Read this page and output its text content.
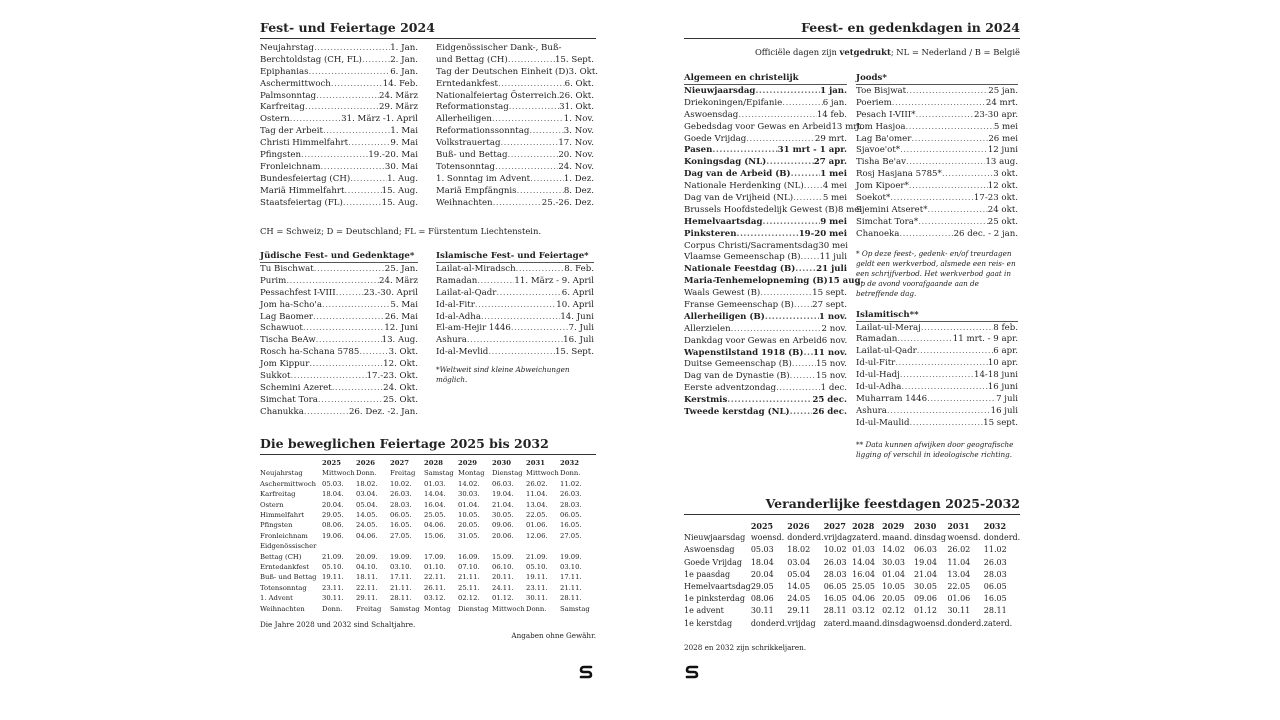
Fest- und Feiertage 2024
Neujahrstag .....	1. Jan.
Berchtoldstag (CH, FL) .....	2. Jan.
Epiphanias .....	6. Jan.
Aschermittwoch .....	14. Feb.
Palmsonntag .....	24. März
Karfreitag .....	29. März
Ostern .....	31. März -1. April
Tag der Arbeit .....	1. Mai
Christi Himmelfahrt .....	9. Mai
Pfingsten .....	19.-20. Mai
Fronleichnam .....	30. Mai
Bundesfeiertag (CH) .....	1. Aug.
Mariä Himmelfahrt .....	15. Aug.
Staatsfeiertag (FL) .....	15. Aug.
Eidgenössischer Dank-, Buß-
und Bettag (CH) .....	15. Sept.
Tag der Deutschen Einheit (D) 3. Okt.
Erntedankfest .....	6. Okt.
Nationalfeiertag Österreich ..... 26. Okt.
Reformationstag .....	31. Okt.
Allerheiligen .....	1. Nov.
Reformationssonntag .....	3. Nov.
Volkstrauertag .....	17. Nov.
Buß- und Bettag .....	20. Nov.
Totensonntag .....	24. Nov.
1. Sonntag im Advent .....	1. Dez.
Mariä Empfängnis .....	8. Dez.
Weihnachten .....	25.-26. Dez.
CH = Schweiz; D = Deutschland; FL = Fürstentum Liechtenstein.
Jüdische Fest- und Gedenktage*
Tu Bischwat .....	25. Jan.
Purim .....	24. März
Pessachfest I-VIII .....	23.-30. April
Jom ha-Scho'a .....	5. Mai
Lag Baomer .....	26. Mai
Schawuot .....	12. Juni
Tischa BeAw .....	13. Aug.
Rosch ha-Schana 5785 .....	3. Okt.
Jom Kippur .....	12. Okt.
Sukkot .....	17.-23. Okt.
Schemini Azeret .....	24. Okt.
Simchat Tora .....	25. Okt.
Chanukka .....	26. Dez. -2. Jan.
Islamische Fest- und Feiertage*
Lailat-al-Miradsch .....	8. Feb.
Ramadan .....	11. März - 9. April
Lailat-al-Qadr .....	6. April
Id-al-Fitr .....	10. April
Id-al-Adha .....	14. Juni
El-am-Hejir 1446 .....	7. Juli
Ashura .....	16. Juli
Id-al-Mevlid .....	15. Sept.
*Weltweit sind kleine Abweichungen möglich.
Die beweglichen Feiertage 2025 bis 2032
	2025	2026	2027	2028	2029	2030	2031	2032
Neujahrstag	Mittwoch	Donn.	Freitag	Samstag	Montag	Dienstag	Mittwoch	Donn.
Aschermittwoch	05.03.	18.02.	10.02.	01.03.	14.02.	06.03.	26.02.	11.02.
Karfreitag	18.04.	03.04.	26.03.	14.04.	30.03.	19.04.	11.04.	26.03.
Ostern	20.04.	05.04.	28.03.	16.04.	01.04.	21.04.	13.04.	28.03.
Himmelfahrt	29.05.	14.05.	06.05.	25.05.	10.05.	30.05.	22.05.	06.05.
Pfingsten	08.06.	24.05.	16.05.	04.06.	20.05.	09.06.	01.06.	16.05.
Fronleichnam	19.06.	04.06.	27.05.	15.06.	31.05.	20.06.	12.06.	27.05.
Eidgenössischer								
Bettag (CH)	21.09.	20.09.	19.09.	17.09.	16.09.	15.09.	21.09.	19.09.
Erntedankfest	05.10.	04.10.	03.10.	01.10.	07.10.	06.10.	05.10.	03.10.
Buß- und Bettag	19.11.	18.11.	17.11.	22.11.	21.11.	20.11.	19.11.	17.11.
Totensonntag	23.11.	22.11.	21.11.	26.11.	25.11.	24.11.	23.11.	21.11.
1. Advent	30.11.	29.11.	28.11.	03.12.	02.12.	01.12.	30.11.	28.11.
Weihnachten	Donn.	Freitag	Samstag	Montag	Dienstag	Mittwoch	Donn.	Samstag
Die Jahre 2028 und 2032 sind Schaltjahre.
Angaben ohne Gewähr.
Feest- en gedenkdagen in 2024
Officiële dagen zijn vetgedrukt; NL = Nederland / B = België
Algemeen en christelijk
Nieuwjaarsdag .....	1 jan.
Driekoningen/Epifanie .....	6 jan.
Aswoensdag .....	14 feb.
Gebedsdag voor Gewas en Arbeid 13 mrt.
Goede Vrijdag .....	29 mrt.
Pasen .....	31 mrt - 1 apr.
Koningsdag (NL) .....	27 apr.
Dag van de Arbeid (B) .....	1 mei
Nationale Herdenking (NL) ..... 4 mei
Dag van de Vrijheid (NL) .....	5 mei
Brussels Hoofdstedelijk Gewest (B) 8 mei
Hemelvaartsdag .....	9 mei
Pinksteren .....	19-20 mei
Corpus Christi/Sacramentsdag 30 mei
Vlaamse Gemeenschap (B) ..... 11 juli
Nationale Feestdag (B) ..... 21 juli
Maria-Tenhemelopneming (B) 15 aug.
Waals Gewest (B) .....	15 sept.
Franse Gemeenschap (B) ..... 27 sept.
Allerheiligen (B) .....	1 nov.
Allerzielen .....	2 nov.
Dankdag voor Gewas en Arbeid 6 nov.
Wapenstilstand 1918 (B) ..... 11 nov.
Duitse Gemeenschap (B) .....	15 nov.
Dag van de Dynastie (B) .....	15 nov.
Eerste adventzondag .....	1 dec.
Kerstmis .....	25 dec.
Tweede kerstdag (NL) .....	26 dec.
Joods*
Toe Bisjwat .....	25 jan.
Poeriem .....	24 mrt.
Pesach I-VIII* .....	23-30 apr.
Jom Hasjoa .....	5 mei
Lag Ba'omer .....	26 mei
Sjavoe'ot* .....	12 juni
Tisha Be'av .....	13 aug.
Rosj Hasjana 5785* .....	3 okt.
Jom Kipoer* .....	12 okt.
Soekot* .....	17-23 okt.
Sjemini Atseret* .....	24 okt.
Simchat Tora* .....	25 okt.
Chanoeka .....	26 dec. - 2 jan.
* Op deze feest-, gedenk- en/of treurdagen geldt een werkverbod, alsmede een reis- en een schrijfverbod. Het werkverbod gaat in op de avond voorafgaande aan de betreffende dag.
Islamitisch**
Lailat-ul-Meraj .....	8 feb.
Ramadan .....	11 mrt. - 9 apr.
Lailat-ul-Qadr .....	6 apr.
Id-ul-Fitr .....	10 apr.
Id-ul-Hadj .....	14-18 juni
Id-ul-Adha .....	16 juni
Muharram 1446 .....	7 juli
Ashura .....	16 juli
Id-ul-Maulid .....	15 sept.
** Data kunnen afwijken door geografische ligging of verschil in ideologische richting.
Veranderlijke feestdagen 2025-2032
	2025	2026	2027	2028	2029	2030	2031	2032
Nieuwjaarsdag	woensd.	donderd.	vrijdag	zaterd.	maand.	dinsdag	woensd.	donderd.
Aswoensdag	05.03	18.02	10.02	01.03	14.02	06.03	26.02	11.02
Goede Vrijdag	18.04	03.04	26.03	14.04	30.03	19.04	11.04	26.03
1e paasdag	20.04	05.04	28.03	16.04	01.04	21.04	13.04	28.03
Hemelvaartsdag	29.05	14.05	06.05	25.05	10.05	30.05	22.05	06.05
1e pinksterdag	08.06	24.05	16.05	04.06	20.05	09.06	01.06	16.05
1e advent	30.11	29.11	28.11	03.12	02.12	01.12	30.11	28.11
1e kerstdag	donderd.	vrijdag	zaterd.	maand.	dinsdag	woensd.	donderd.	zaterd.
2028 en 2032 zijn schrikkeljaren.
